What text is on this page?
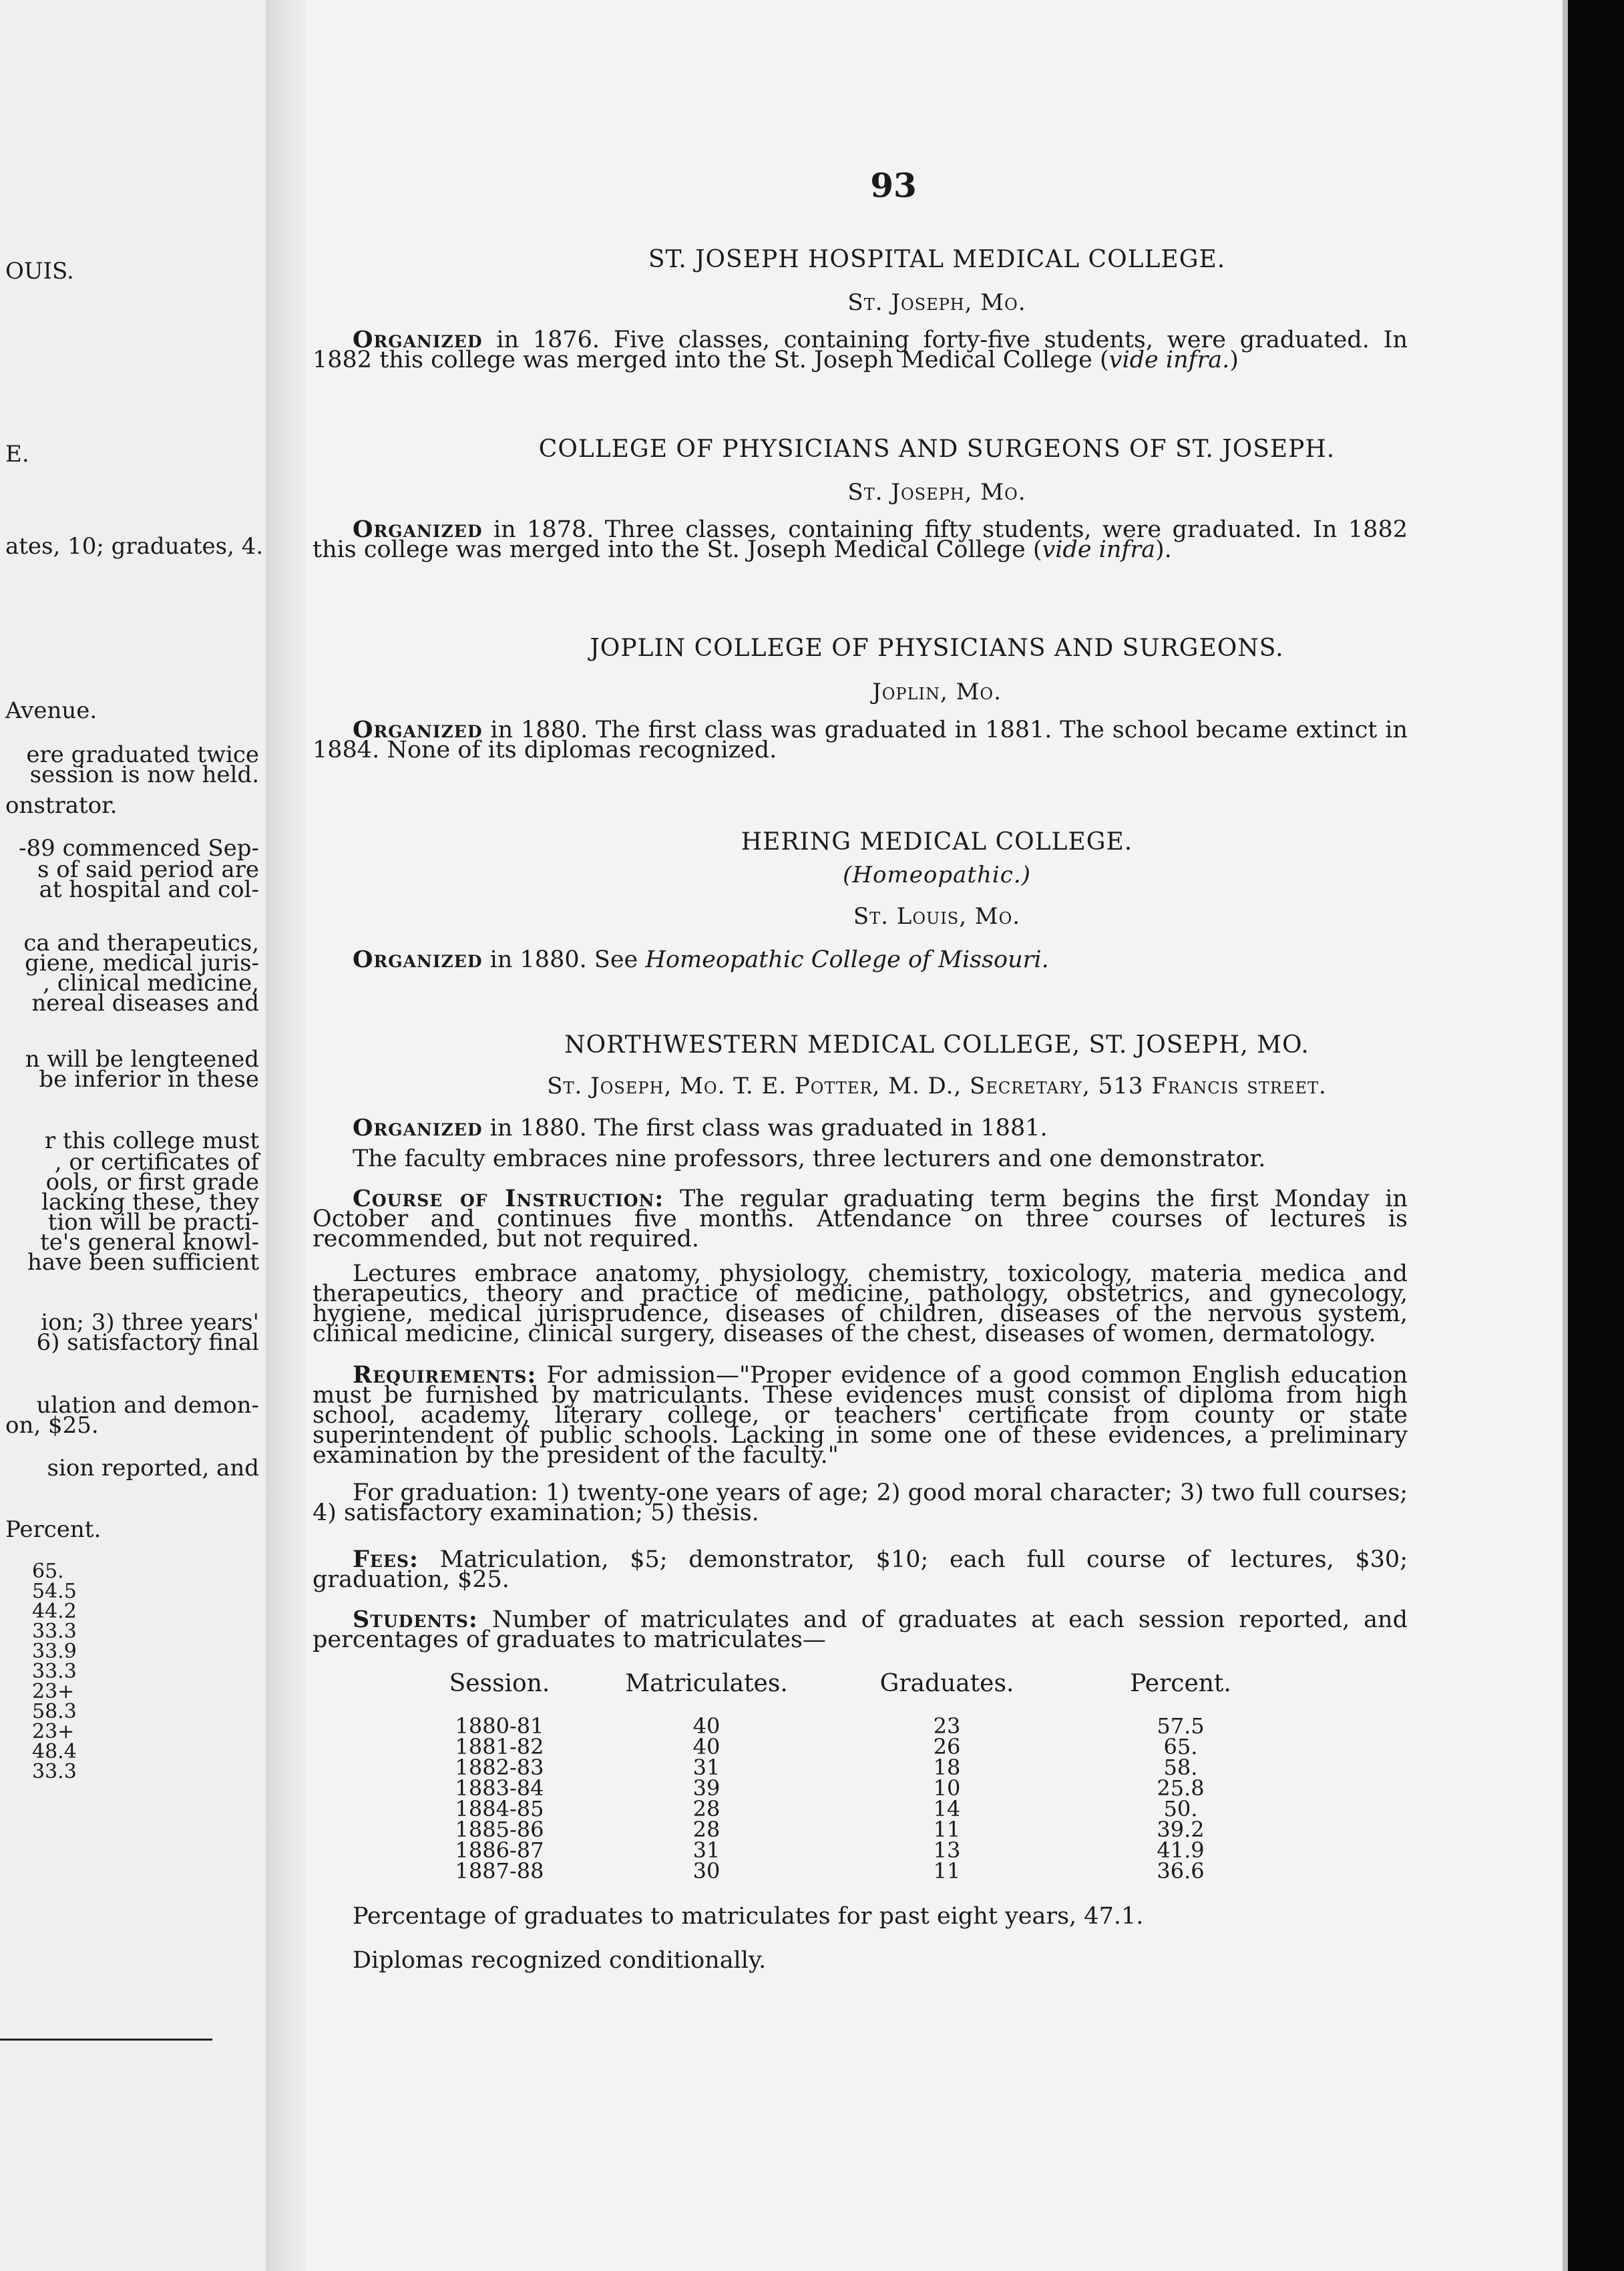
OUIS.
E.
ates, 10; graduates, 4.
Avenue.
ere graduated twice
session is now held.
onstrator.
-89 commenced Sep-
s of said period are
at hospital and col-
ca and therapeutics,
giene, medical juris-
, clinical medicine,
nereal diseases and
n will be lengteened
be inferior in these
r this college must
, or certificates of
ools, or first grade
lacking these, they
tion will be practi-
te's general knowl-
have been sufficient
ion; 3) three years'
6) satisfactory final
ulation and demon-
on, $25.
sion reported, and
Percent.
65.
54.5
44.2
33.3
33.9
33.3
23+
58.3
23+
48.4
33.3
93
ST. JOSEPH HOSPITAL MEDICAL COLLEGE.
St. Joseph, Mo.
Organized in 1876. Five classes, containing forty-five students, were graduated. In 1882 this college was merged into the St. Joseph Medical College (vide infra.)
COLLEGE OF PHYSICIANS AND SURGEONS OF ST. JOSEPH.
St. Joseph, Mo.
Organized in 1878. Three classes, containing fifty students, were graduated. In 1882 this college was merged into the St. Joseph Medical College (vide infra).
JOPLIN COLLEGE OF PHYSICIANS AND SURGEONS.
Joplin, Mo.
Organized in 1880. The first class was graduated in 1881. The school became extinct in 1884. None of its diplomas recognized.
HERING MEDICAL COLLEGE.
(Homeopathic.)
St. Louis, Mo.
Organized in 1880. See Homeopathic College of Missouri.
NORTHWESTERN MEDICAL COLLEGE, ST. JOSEPH, MO.
St. Joseph, Mo. T. E. Potter, M. D., Secretary, 513 Francis street.
Organized in 1880. The first class was graduated in 1881.
The faculty embraces nine professors, three lecturers and one demonstrator.
Course of Instruction: The regular graduating term begins the first Monday in October and continues five months. Attendance on three courses of lectures is recommended, but not required.
Lectures embrace anatomy, physiology, chemistry, toxicology, materia medica and therapeutics, theory and practice of medicine, pathology, obstetrics, and gynecology, hygiene, medical jurisprudence, diseases of children, diseases of the nervous system, clinical medicine, clinical surgery, diseases of the chest, diseases of women, dermatology.
Requirements: For admission—"Proper evidence of a good common English education must be furnished by matriculants. These evidences must consist of diploma from high school, academy, literary college, or teachers' certificate from county or state superintendent of public schools. Lacking in some one of these evidences, a preliminary examination by the president of the faculty."
For graduation: 1) twenty-one years of age; 2) good moral character; 3) two full courses; 4) satisfactory examination; 5) thesis.
Fees: Matriculation, $5; demonstrator, $10; each full course of lectures, $30; graduation, $25.
Students: Number of matriculates and of graduates at each session reported, and percentages of graduates to matriculates—
Session.	Matriculates.	Graduates.	Percent.
1880-81	40	23	57.5
1881-82	40	26	65.
1882-83	31	18	58.
1883-84	39	10	25.8
1884-85	28	14	50.
1885-86	28	11	39.2
1886-87	31	13	41.9
1887-88	30	11	36.6
Percentage of graduates to matriculates for past eight years, 47.1.
Diplomas recognized conditionally.
